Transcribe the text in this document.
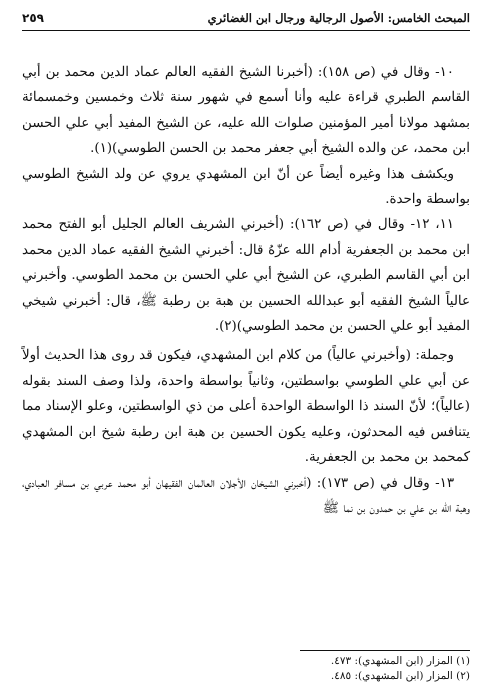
المبحث الخامس: الأصول الرجالية ورجال ابن الغضائري
٢٥٩

١٠- وقال في (ص ١٥٨): (أخبرنا الشيخ الفقيه العالم عماد الدين محمد بن أبي القاسم الطبري قراءة عليه وأنا أسمع في شهور سنة ثلاث وخمسين وخمسمائة بمشهد مولانا أمير المؤمنين صلوات الله عليه، عن الشيخ المفيد أبي علي الحسن ابن محمد، عن والده الشيخ أبي جعفر محمد بن الحسن الطوسي)(١).

ويكشف هذا وغيره أيضاً عن أنّ ابن المشهدي يروي عن ولد الشيخ الطوسي بواسطة واحدة.

١١، ١٢- وقال في (ص ١٦٢): (أخبرني الشريف العالم الجليل أبو الفتح محمد ابن محمد بن الجعفرية أدام الله عزّهُ قال: أخبرني الشيخ الفقيه عماد الدين محمد ابن أبي القاسم الطبري، عن الشيخ أبي علي الحسن بن محمد الطوسي. وأخبرني عالياً الشيخ الفقيه أبو عبدالله الحسين بن هبة بن رطبة ﷺ، قال: أخبرني شيخي المفيد أبو علي الحسن بن محمد الطوسي)(٢).

وجملة: (وأخبرني عالياً) من كلام ابن المشهدي، فيكون قد روى هذا الحديث أولاً عن أبي علي الطوسي بواسطتين، وثانياً بواسطة واحدة، ولذا وصف السند بقوله (عالياً)؛ لأنّ السند ذا الواسطة الواحدة أعلى من ذي الواسطتين، وعلو الإسناد مما يتنافس فيه المحدثون، وعليه يكون الحسين بن هبة ابن رطبة شيخ ابن المشهدي كمحمد بن محمد بن الجعفرية.

١٣- وقال في (ص ١٧٣): (أخبرني الشيخان الأجلان العالمان الفقيهان أبو محمد عربي بن مسافر العبادي، وهبة الله بن علي بن حمدون بن نما ﷺ

(١) المزار (ابن المشهدي): ٤٧٣.
(٢) المزار (ابن المشهدي): ٤٨٥.
